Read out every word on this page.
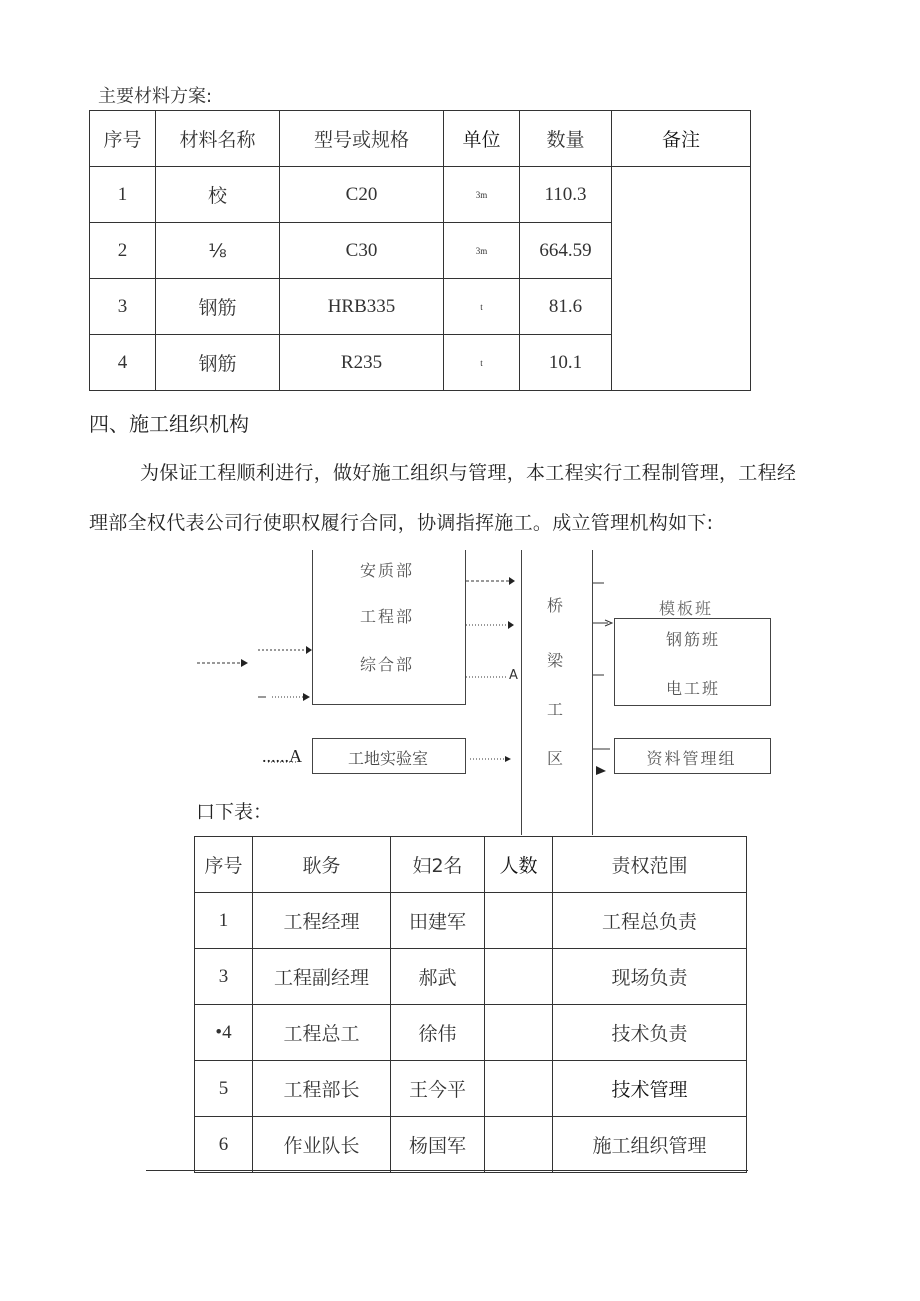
主要材料方案:
序号	材料名称	型号或规格	单位	数量	备注
1	校	C20	3m	110.3	
2	⅛	C30	3m	664.59	
3	钢筋	HRB335	t	81.6	
4	钢筋	R235	t	10.1	
四、施工组织机构
为保证工程顺利进行，做好施工组织与管理，本工程实行工程制管理，工程经
理部全权代表公司行使职权履行合同，协调指挥施工。成立管理机构如下:
安质部
工程部
综合部
工地实验室
桥
梁
工
区
模板班
钢筋班
电工班
资料管理组
A
......A
口下表：
序号	耿务	妇2名	人数	责权范围
1	工程经理	田建军		工程总负责
3	工程副经理	郝武		现场负责
•4	工程总工	徐伟		技术负责
5	工程部长	王今平		技术管理
6	作业队长	杨国军		施工组织管理
